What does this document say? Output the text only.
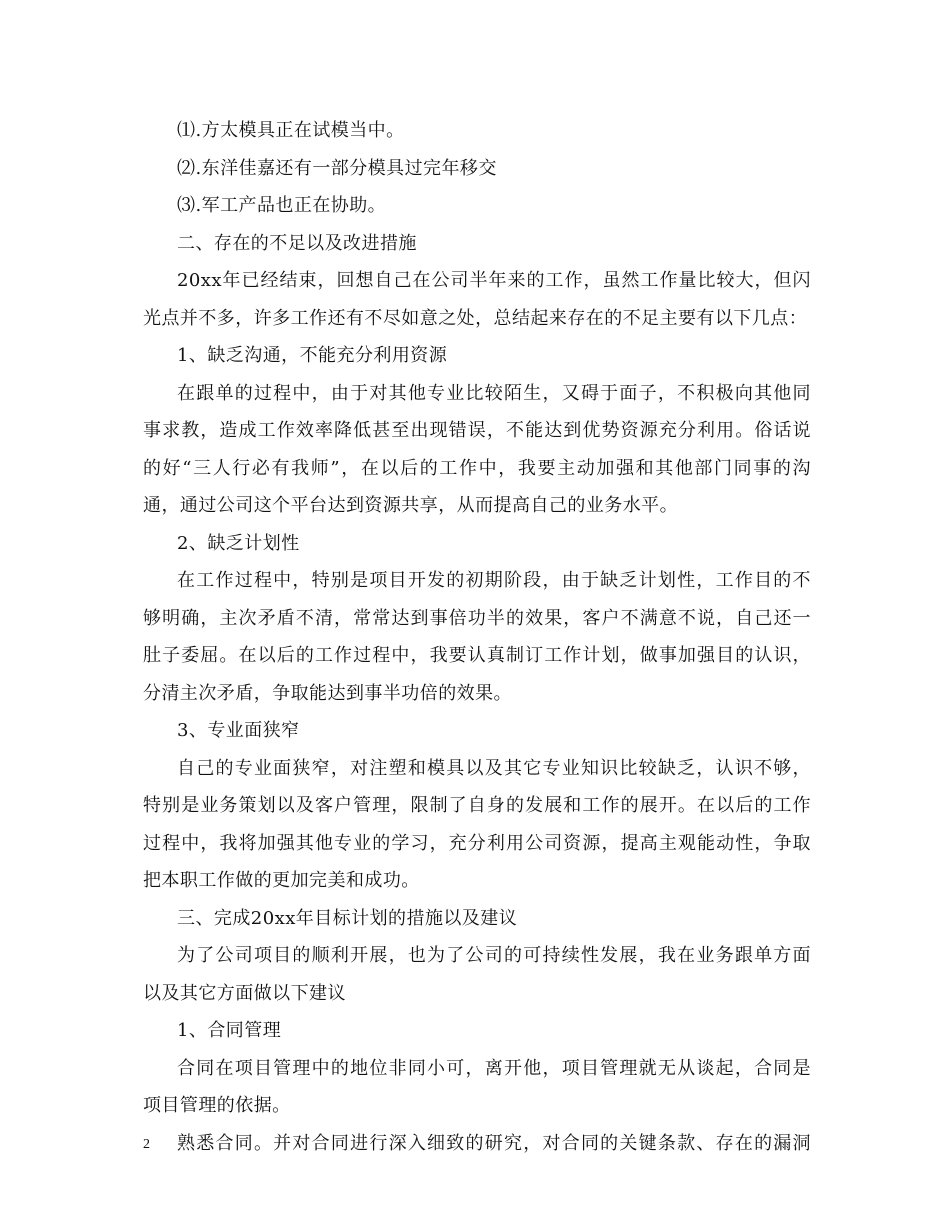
⑴.方太模具正在试模当中。
⑵.东洋佳嘉还有一部分模具过完年移交
⑶.军工产品也正在协助。
二、存在的不足以及改进措施
20xx年已经结束，回想自己在公司半年来的工作，虽然工作量比较大，但闪
光点并不多，许多工作还有不尽如意之处，总结起来存在的不足主要有以下几点：
1、缺乏沟通，不能充分利用资源
在跟单的过程中，由于对其他专业比较陌生，又碍于面子，不积极向其他同
事求教，造成工作效率降低甚至出现错误，不能达到优势资源充分利用。俗话说
的好“三人行必有我师”，在以后的工作中，我要主动加强和其他部门同事的沟
通，通过公司这个平台达到资源共享，从而提高自己的业务水平。
2、缺乏计划性
在工作过程中，特别是项目开发的初期阶段，由于缺乏计划性，工作目的不
够明确，主次矛盾不清，常常达到事倍功半的效果，客户不满意不说，自己还一
肚子委屈。在以后的工作过程中，我要认真制订工作计划，做事加强目的认识，
分清主次矛盾，争取能达到事半功倍的效果。
3、专业面狭窄
自己的专业面狭窄，对注塑和模具以及其它专业知识比较缺乏，认识不够，
特别是业务策划以及客户管理，限制了自身的发展和工作的展开。在以后的工作
过程中，我将加强其他专业的学习，充分利用公司资源，提高主观能动性，争取
把本职工作做的更加完美和成功。
三、完成20xx年目标计划的措施以及建议
为了公司项目的顺利开展，也为了公司的可持续性发展，我在业务跟单方面
以及其它方面做以下建议
1、合同管理
合同在项目管理中的地位非同小可，离开他，项目管理就无从谈起，合同是
项目管理的依据。
熟悉合同。并对合同进行深入细致的研究，对合同的关键条款、存在的漏洞
2
